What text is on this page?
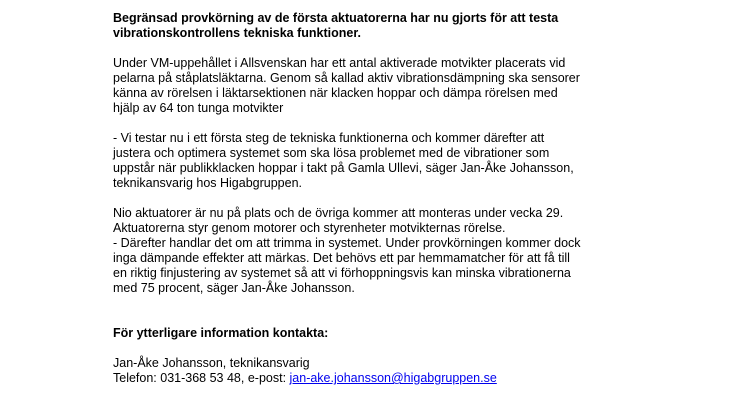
Begränsad provkörning av de första aktuatorerna har nu gjorts för att testa
vibrationskontrollens tekniska funktioner.

Under VM-uppehållet i Allsvenskan har ett antal aktiverade motvikter placerats vid
pelarna på ståplatsläktarna. Genom så kallad aktiv vibrationsdämpning ska sensorer
känna av rörelsen i läktarsektionen när klacken hoppar och dämpa rörelsen med
hjälp av 64 ton tunga motvikter

- Vi testar nu i ett första steg de tekniska funktionerna och kommer därefter att
justera och optimera systemet som ska lösa problemet med de vibrationer som
uppstår när publikklacken hoppar i takt på Gamla Ullevi, säger Jan-Åke Johansson,
teknikansvarig hos Higabgruppen.

Nio aktuatorer är nu på plats och de övriga kommer att monteras under vecka 29.
Aktuatorerna styr genom motorer och styrenheter motvikternas rörelse.
- Därefter handlar det om att trimma in systemet. Under provkörningen kommer dock
inga dämpande effekter att märkas. Det behövs ett par hemmamatcher för att få till
en riktig finjustering av systemet så att vi förhoppningsvis kan minska vibrationerna
med 75 procent, säger Jan-Åke Johansson.

För ytterligare information kontakta:

Jan-Åke Johansson, teknikansvarig
Telefon: 031-368 53 48, e-post: jan-ake.johansson@higabgruppen.se
